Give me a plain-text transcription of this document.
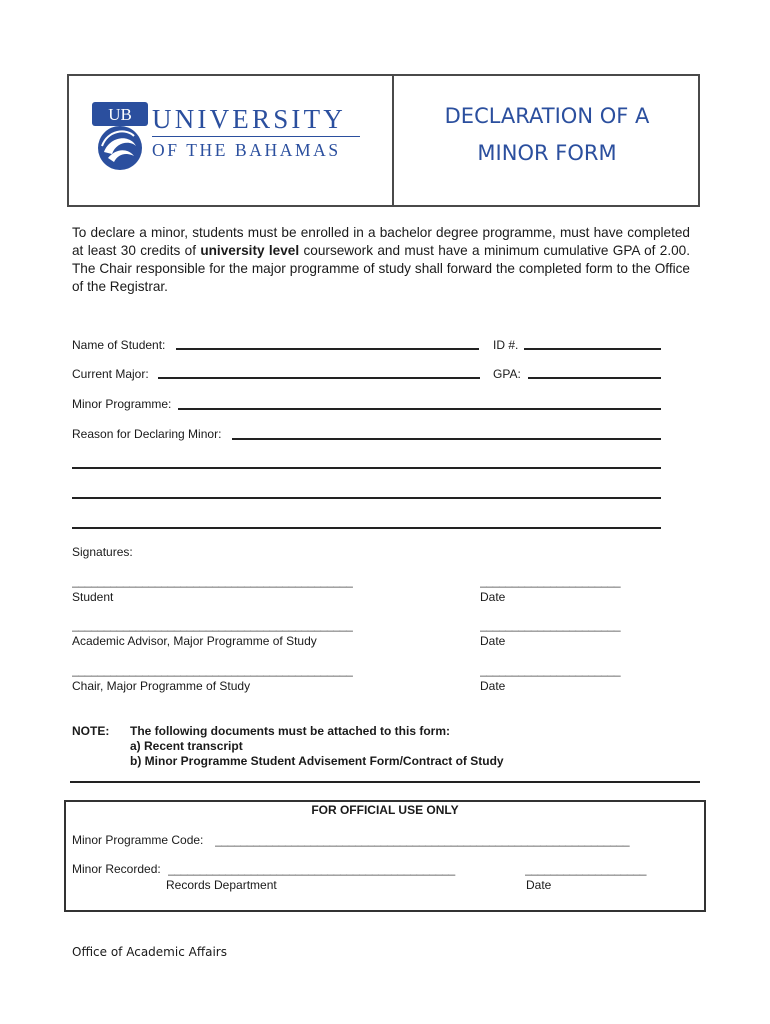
UB UNIVERSITY
OF THE BAHAMAS
DECLARATION OF A
MINOR FORM
To declare a minor, students must be enrolled in a bachelor degree programme, must have completed at least 30 credits of university level coursework and must have a minimum cumulative GPA of 2.00. The Chair responsible for the major programme of study shall forward the completed form to the Office of the Registrar.
Name of Student:	ID #.
Current Major:	GPA:
Minor Programme:
Reason for Declaring Minor:
Signatures:
____________________________________________	______________________
Student	Date
____________________________________________	______________________
Academic Advisor, Major Programme of Study	Date
____________________________________________	______________________
Chair, Major Programme of Study	Date
NOTE: The following documents must be attached to this form:
a) Recent transcript
b) Minor Programme Student Advisement Form/Contract of Study
FOR OFFICIAL USE ONLY
Minor Programme Code: _________________________________________________________________
Minor Recorded: _____________________________________________	___________________
Records Department	Date
Office of Academic Affairs
